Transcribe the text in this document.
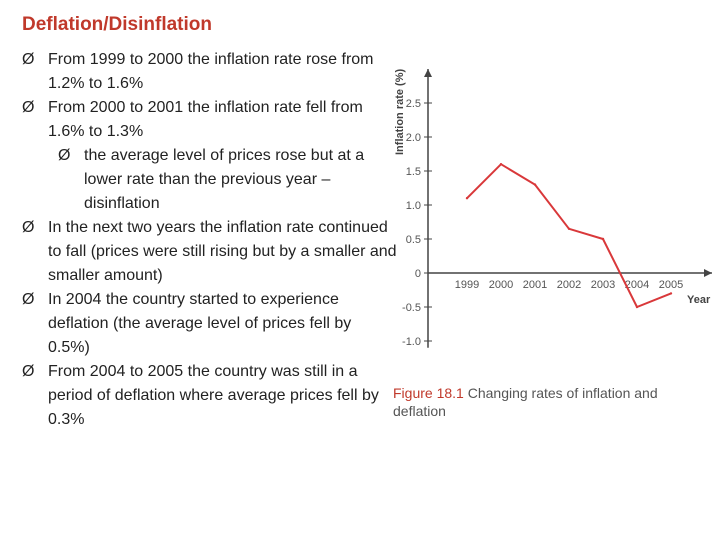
Deflation/Disinflation
Ø From 1999 to 2000 the inflation rate rose from 1.2% to 1.6%
Ø From 2000 to 2001 the inflation rate fell from 1.6% to 1.3%
Ø the average level of prices rose but at a lower rate than the previous year – disinflation
Ø In the next two years the inflation rate continued to fall (prices were still rising but by a smaller and smaller amount)
Ø In 2004 the country started to experience deflation (the average level of prices fell by 0.5%)
Ø From 2004 to 2005 the country was still in a period of deflation where average prices fell by 0.3%
2.5
2.0
1.5
1.0
0.5
0
-0.5
-1.0
1999 2000 2001 2002 2003 2004 2005
Inflation rate (%)
Year
Figure 18.1 Changing rates of inflation and deflation
